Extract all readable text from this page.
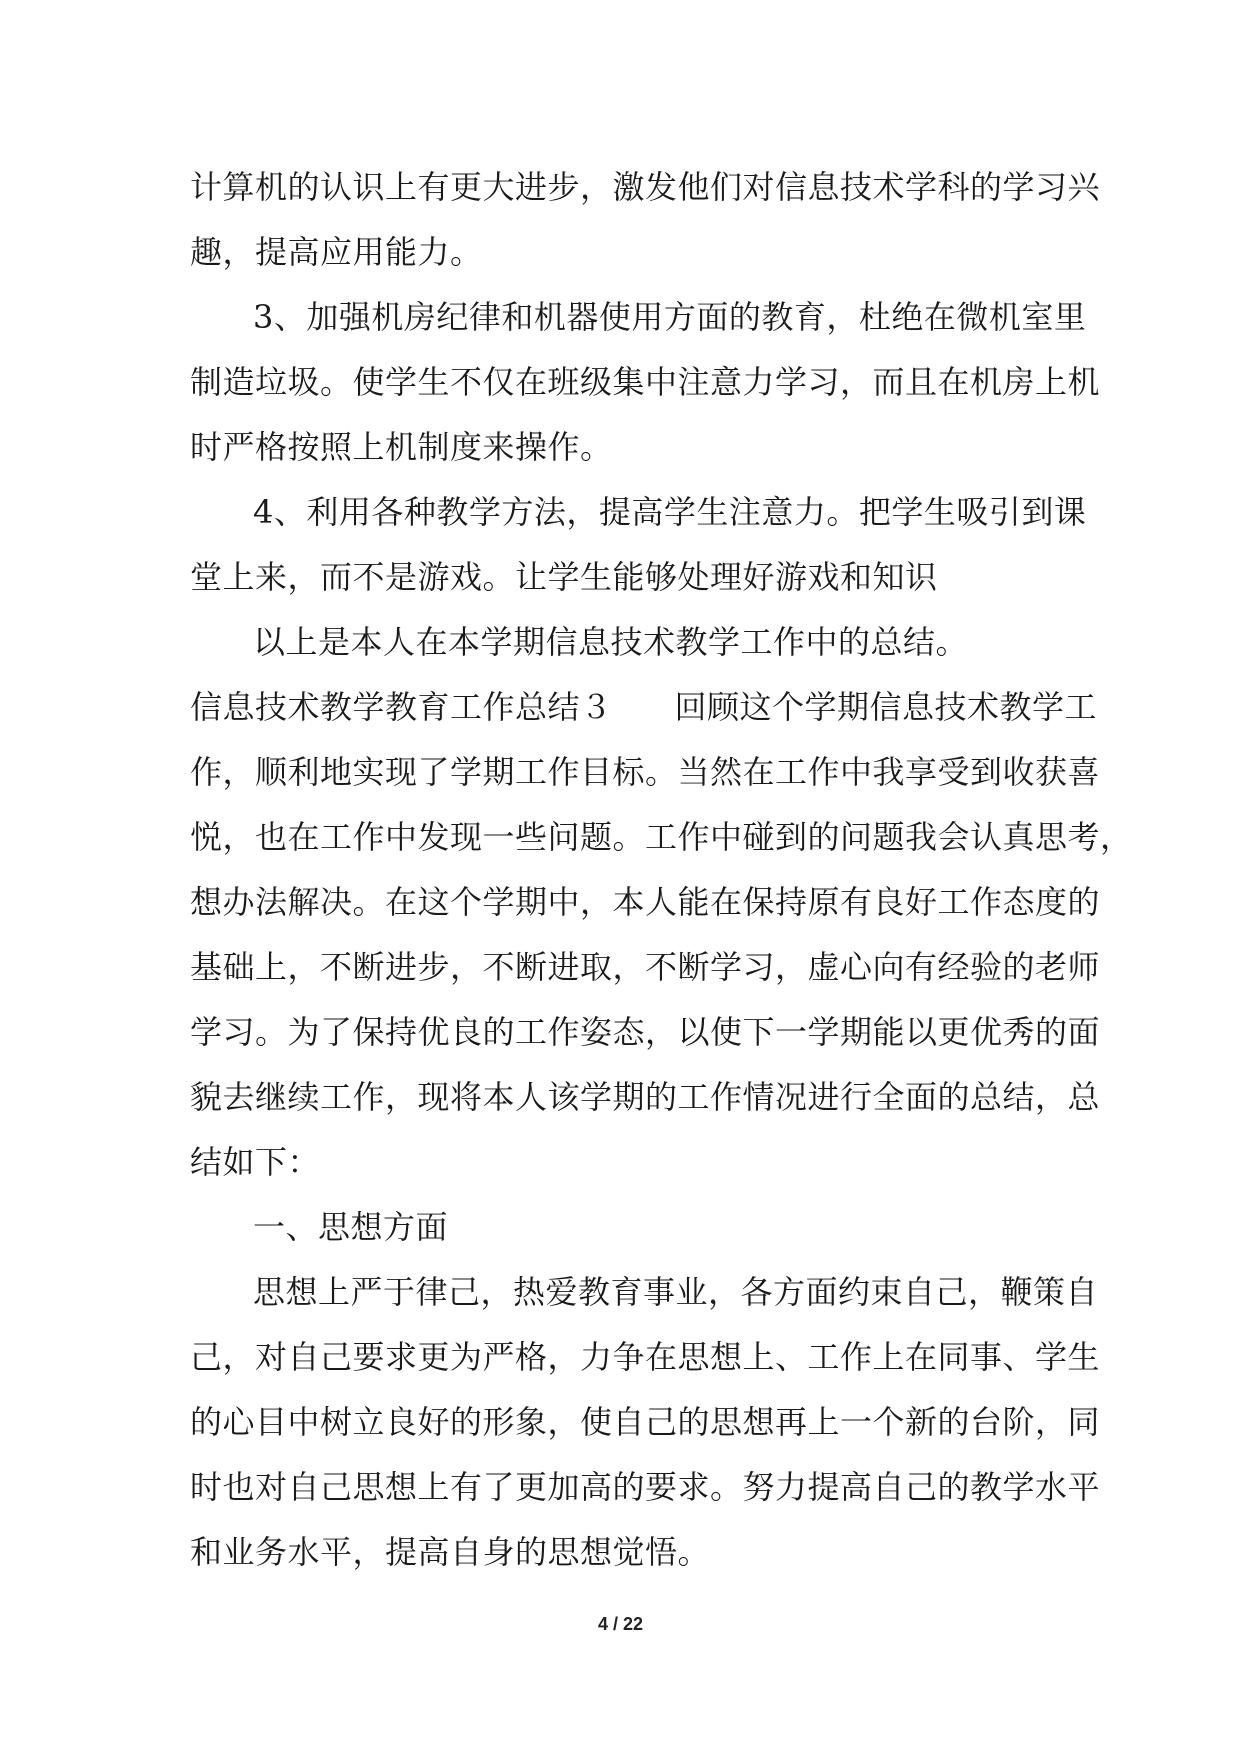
计算机的认识上有更大进步，激发他们对信息技术学科的学习兴
趣，提高应用能力。
3、加强机房纪律和机器使用方面的教育，杜绝在微机室里
制造垃圾。使学生不仅在班级集中注意力学习，而且在机房上机
时严格按照上机制度来操作。
4、利用各种教学方法，提高学生注意力。把学生吸引到课
堂上来，而不是游戏。让学生能够处理好游戏和知识
以上是本人在本学期信息技术教学工作中的总结。
信息技术教学教育工作总结３ 回顾这个学期信息技术教学工
作，顺利地实现了学期工作目标。当然在工作中我享受到收获喜
悦，也在工作中发现一些问题。工作中碰到的问题我会认真思考，
想办法解决。在这个学期中，本人能在保持原有良好工作态度的
基础上，不断进步，不断进取，不断学习，虚心向有经验的老师
学习。为了保持优良的工作姿态，以使下一学期能以更优秀的面
貌去继续工作，现将本人该学期的工作情况进行全面的总结，总
结如下：
一、思想方面
思想上严于律己，热爱教育事业，各方面约束自己，鞭策自
己，对自己要求更为严格，力争在思想上、工作上在同事、学生
的心目中树立良好的形象，使自己的思想再上一个新的台阶，同
时也对自己思想上有了更加高的要求。努力提高自己的教学水平
和业务水平，提高自身的思想觉悟。
4 / 22
